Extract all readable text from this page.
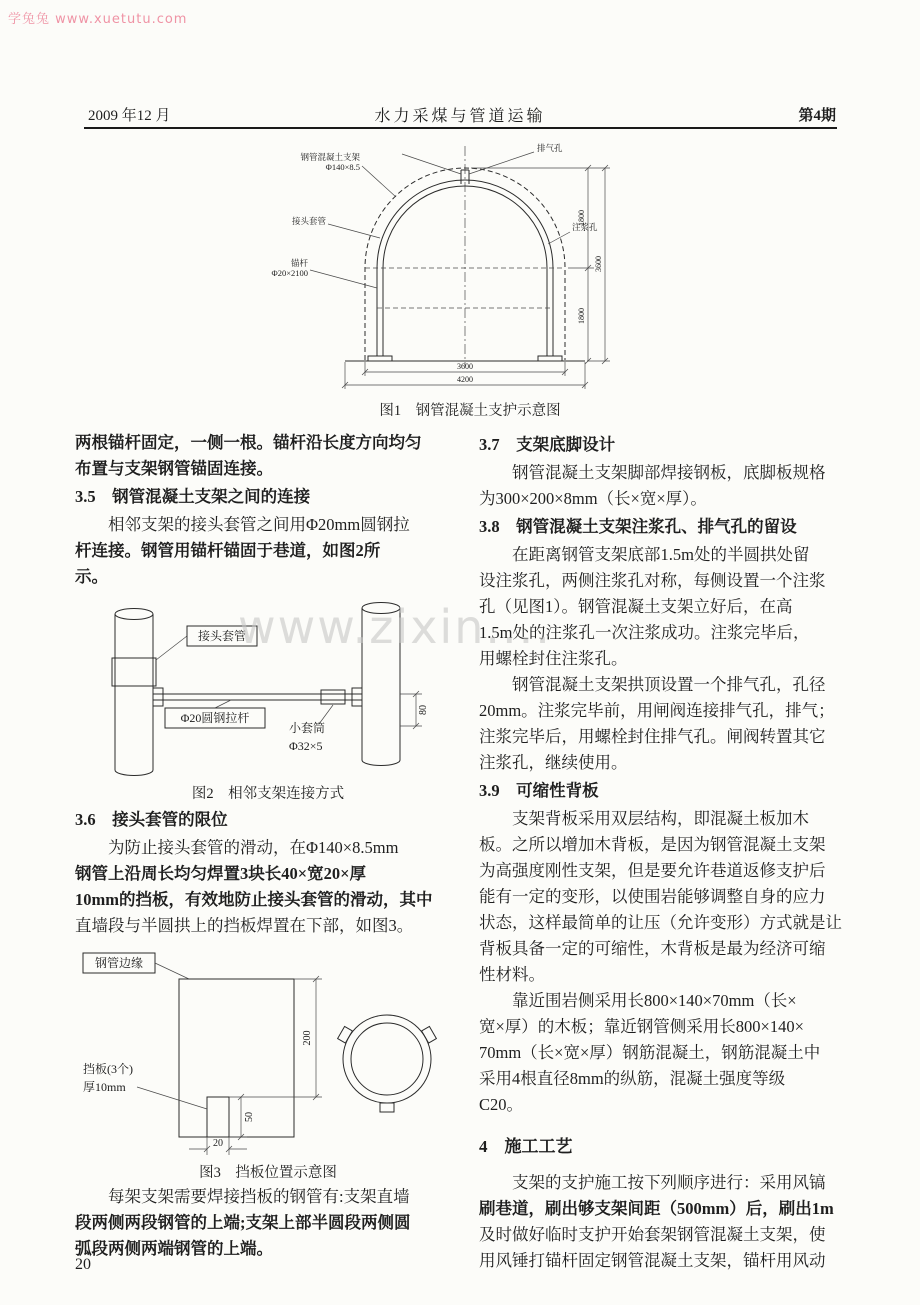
学兔兔 www.xuetutu.com
www.zixin....
2009 年12 月	水力采煤与管道运输	第4期
钢管混凝土支架
Φ140×8.5
排气孔
接头套管
锚杆
Φ20×2100
注浆孔
3600
4200
1800
1800
3600
图1　钢管混凝土支护示意图
两根锚杆固定，一侧一根。锚杆沿长度方向均匀
布置与支架钢管锚固连接。
3.5　钢管混凝土支架之间的连接
相邻支架的接头套管之间用Φ20mm圆钢拉
杆连接。钢管用锚杆锚固于巷道，如图2所
示。
接头套管
Φ20圆钢拉杆
小套筒
Φ32×5
80
图2　相邻支架连接方式
3.6　接头套管的限位
为防止接头套管的滑动，在Φ140×8.5mm
钢管上沿周长均匀焊置3块长40×宽20×厚
10mm的挡板，有效地防止接头套管的滑动，其中
直墙段与半圆拱上的挡板焊置在下部，如图3。
钢管边缘
挡板(3个)
厚10mm
200
50
20
图3　挡板位置示意图
每架支架需要焊接挡板的钢管有:支架直墙
段两侧两段钢管的上端;支架上部半圆段两侧圆
弧段两侧两端钢管的上端。
3.7　支架底脚设计
钢管混凝土支架脚部焊接钢板，底脚板规格
为300×200×8mm（长×宽×厚）。
3.8　钢管混凝土支架注浆孔、排气孔的留设
在距离钢管支架底部1.5m处的半圆拱处留
设注浆孔，两侧注浆孔对称，每侧设置一个注浆
孔（见图1）。钢管混凝土支架立好后，在高
1.5m处的注浆孔一次注浆成功。注浆完毕后，
用螺栓封住注浆孔。
钢管混凝土支架拱顶设置一个排气孔，孔径
20mm。注浆完毕前，用闸阀连接排气孔，排气；
注浆完毕后，用螺栓封住排气孔。闸阀转置其它
注浆孔，继续使用。
3.9　可缩性背板
支架背板采用双层结构，即混凝土板加木
板。之所以增加木背板，是因为钢管混凝土支架
为高强度刚性支架，但是要允许巷道返修支护后
能有一定的变形，以使围岩能够调整自身的应力
状态，这样最简单的让压（允许变形）方式就是让
背板具备一定的可缩性，木背板是最为经济可缩
性材料。
靠近围岩侧采用长800×140×70mm（长×
宽×厚）的木板；靠近钢管侧采用长800×140×
70mm（长×宽×厚）钢筋混凝土，钢筋混凝土中
采用4根直径8mm的纵筋，混凝土强度等级
C20。
4　施工工艺
支架的支护施工按下列顺序进行：采用风镐
刷巷道，刷出够支架间距（500mm）后，刷出1m
及时做好临时支护开始套架钢管混凝土支架，使
用风锤打锚杆固定钢管混凝土支架，锚杆用风动
20
